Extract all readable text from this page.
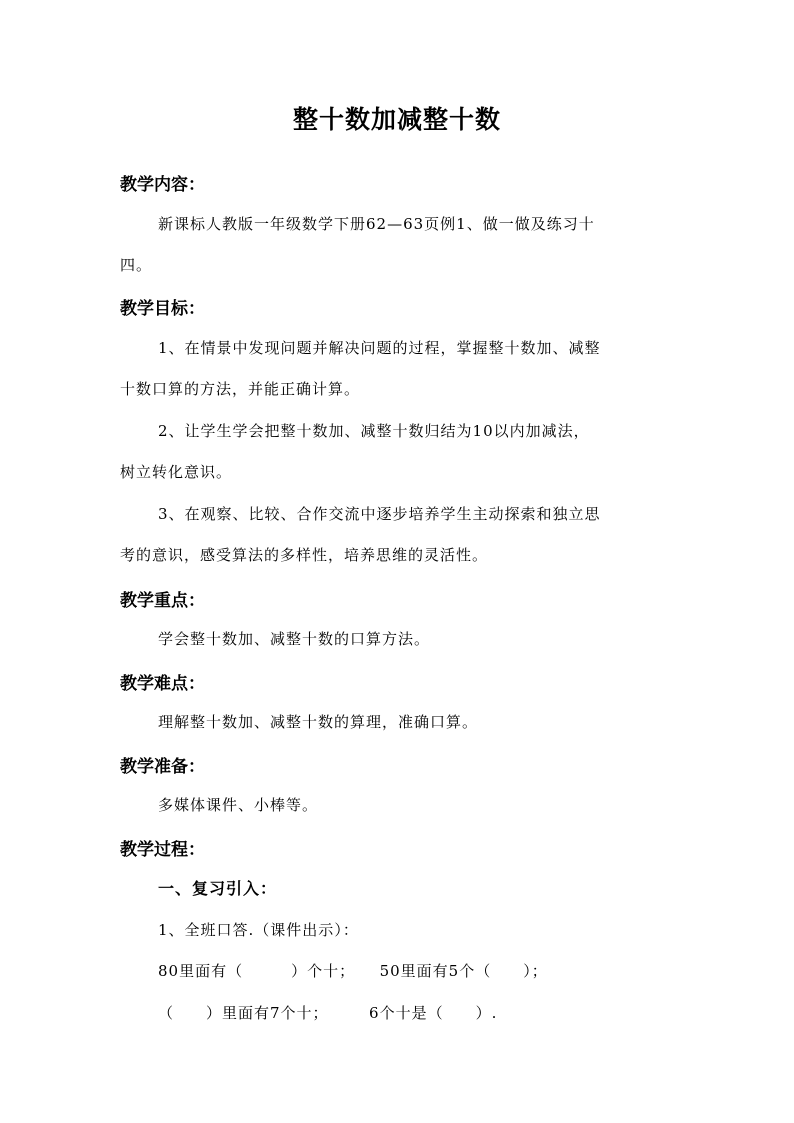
整十数加减整十数
教学内容：
新课标人教版一年级数学下册62—63页例1、做一做及练习十
四。
教学目标：
1、在情景中发现问题并解决问题的过程，掌握整十数加、减整
十数口算的方法，并能正确计算。
2、让学生学会把整十数加、减整十数归结为10以内加减法，
树立转化意识。
3、在观察、比较、合作交流中逐步培养学生主动探索和独立思
考的意识，感受算法的多样性，培养思维的灵活性。
教学重点：
学会整十数加、减整十数的口算方法。
教学难点：
理解整十数加、减整十数的算理，准确口算。
教学准备：
多媒体课件、小棒等。
教学过程：
一、复习引入：
1、全班口答.（课件出示）：
80里面有（　　　）个十；　　50里面有5个（　　）；
（　　）里面有7个十；　　　6个十是（　　）.
